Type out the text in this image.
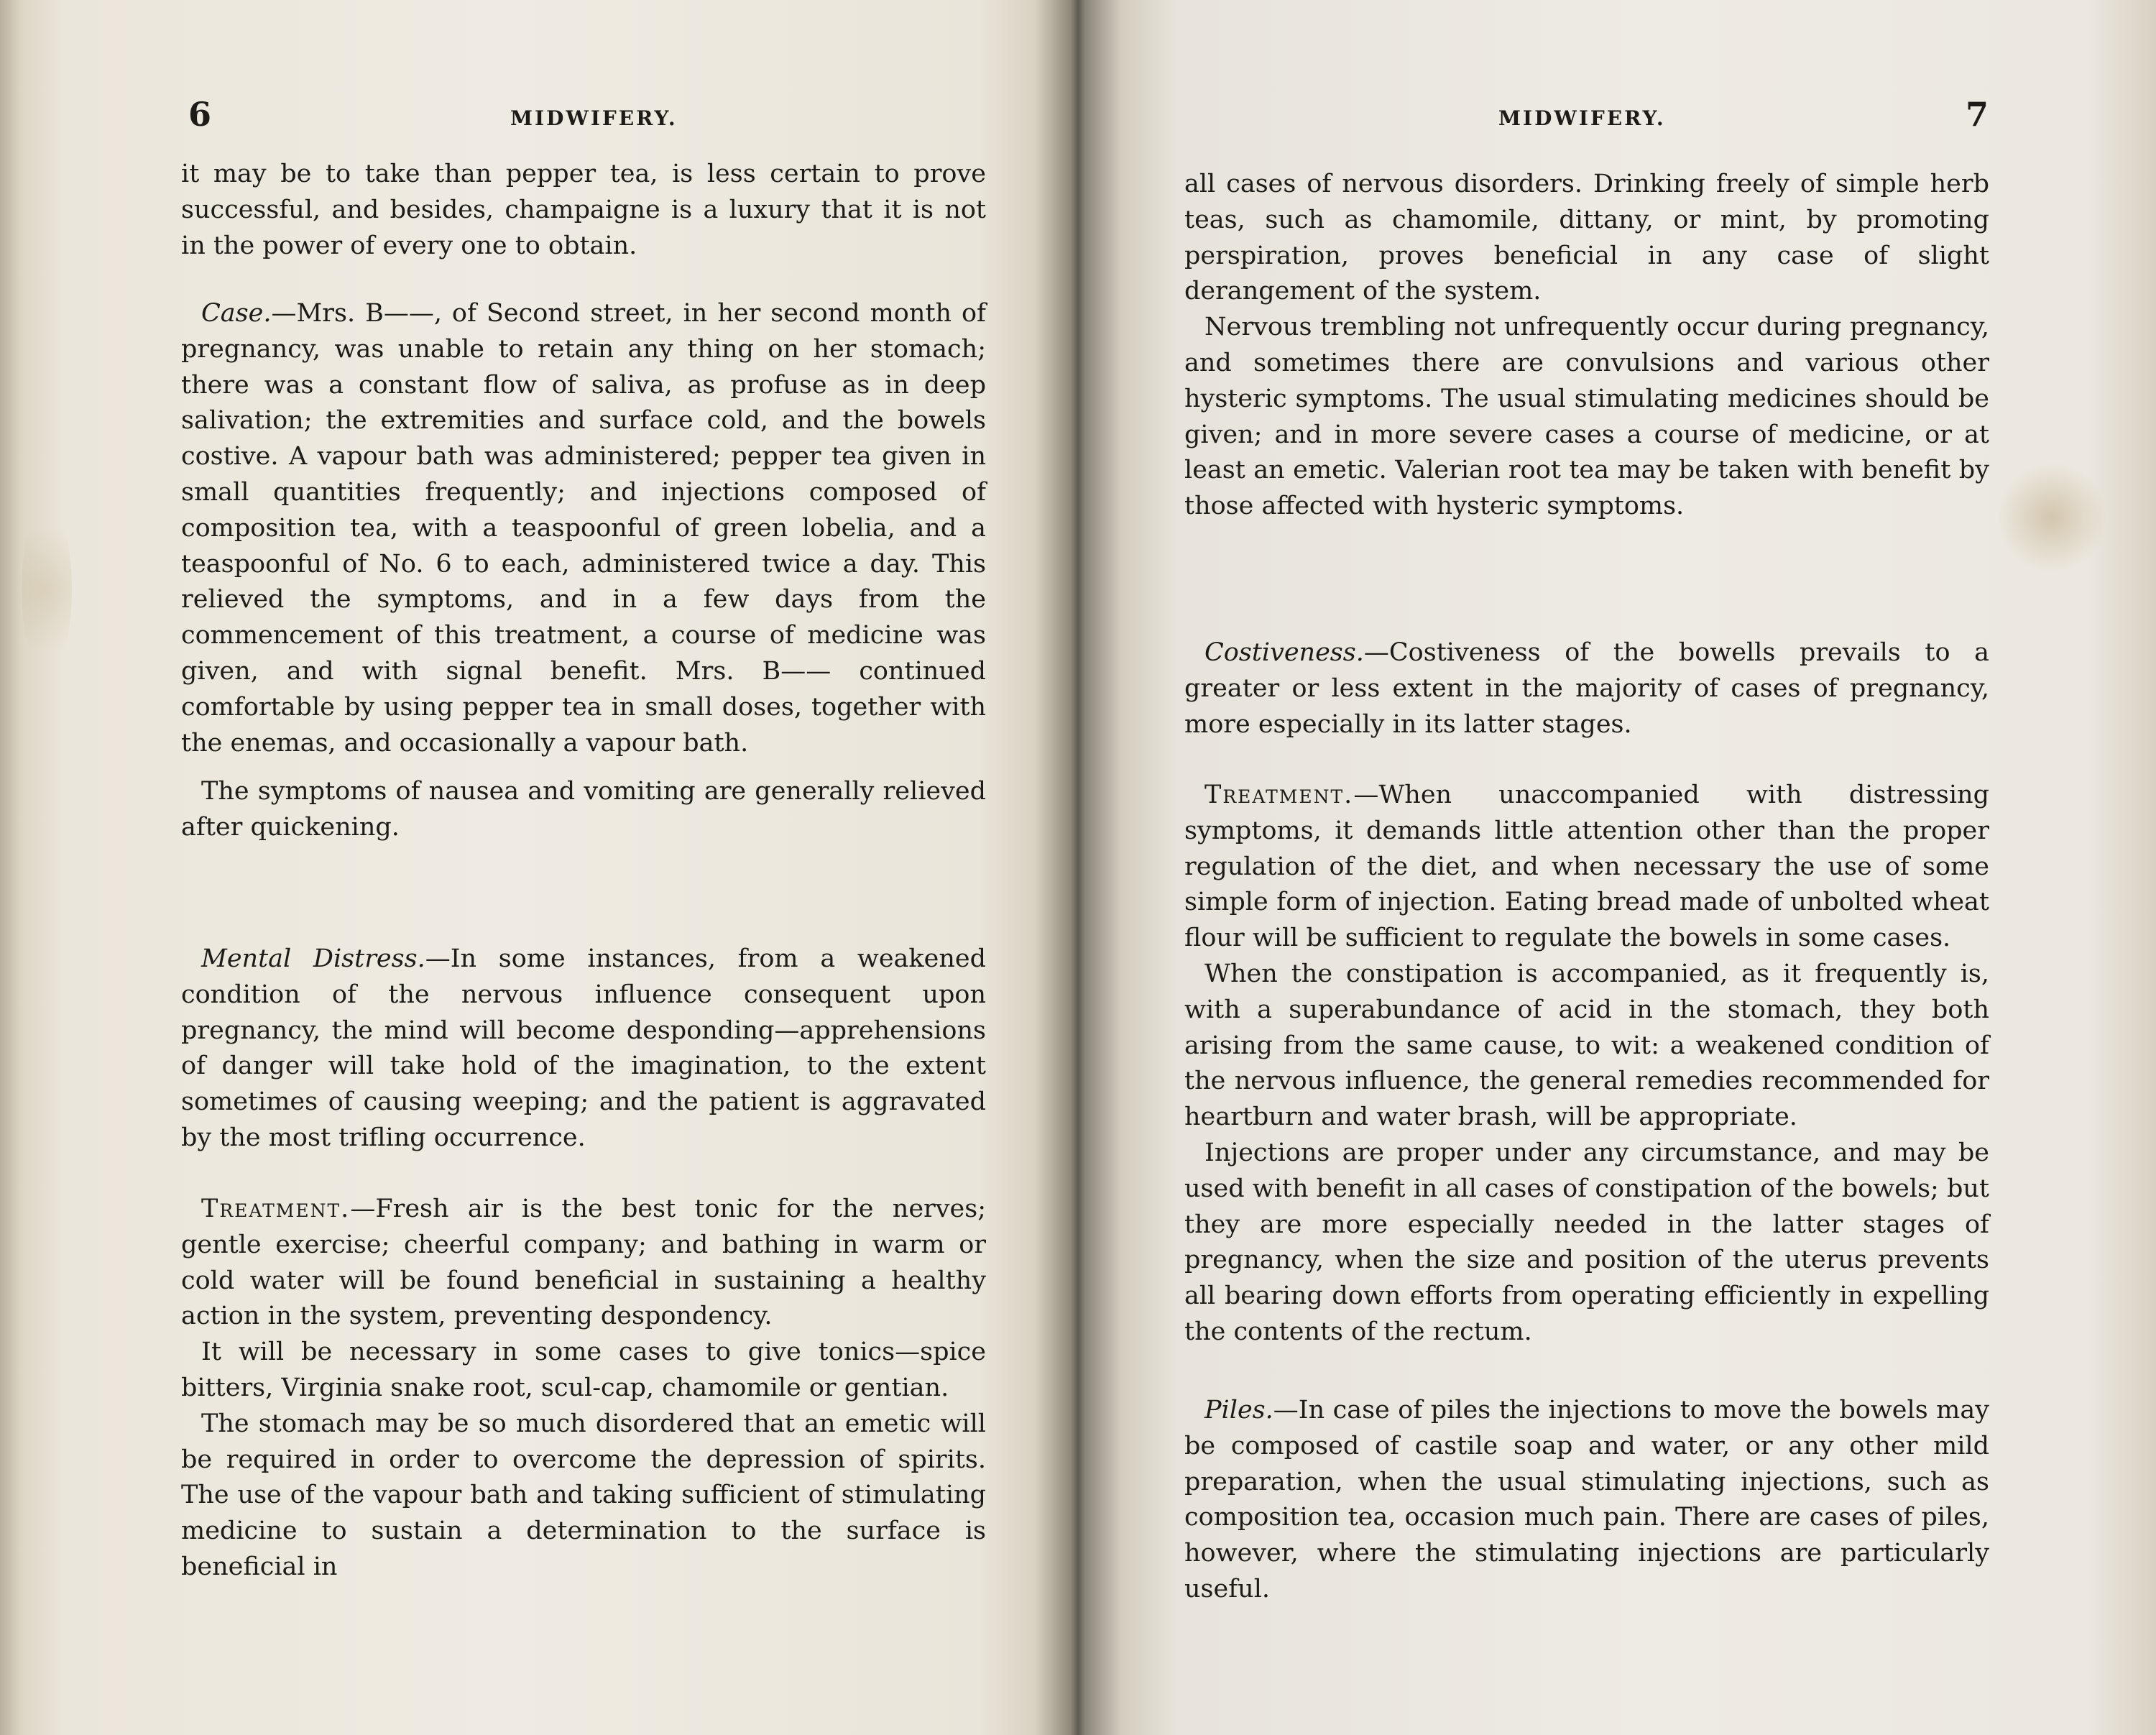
6	MIDWIFERY.

it may be to take than pepper tea, is less certain to prove successful, and besides, champaigne is a luxury that it is not in the power of every one to obtain.

Case.—Mrs. B——, of Second street, in her second month of pregnancy, was unable to retain any thing on her stomach; there was a constant flow of saliva, as profuse as in deep salivation; the extremities and surface cold, and the bowels costive. A vapour bath was administered; pepper tea given in small quantities frequently; and injections composed of composition tea, with a teaspoonful of green lobelia, and a teaspoonful of No. 6 to each, administered twice a day. This relieved the symptoms, and in a few days from the commencement of this treatment, a course of medicine was given, and with signal benefit. Mrs. B—— continued comfortable by using pepper tea in small doses, together with the enemas, and occasionally a vapour bath.

The symptoms of nausea and vomiting are generally relieved after quickening.

Mental Distress.—In some instances, from a weakened condition of the nervous influence consequent upon pregnancy, the mind will become desponding—apprehensions of danger will take hold of the imagination, to the extent sometimes of causing weeping; and the patient is aggravated by the most trifling occurrence.

Treatment.—Fresh air is the best tonic for the nerves; gentle exercise; cheerful company; and bathing in warm or cold water will be found beneficial in sustaining a healthy action in the system, preventing despondency.

It will be necessary in some cases to give tonics—spice bitters, Virginia snake root, scul-cap, chamomile or gentian.

The stomach may be so much disordered that an emetic will be required in order to overcome the depression of spirits. The use of the vapour bath and taking sufficient of stimulating medicine to sustain a determination to the surface is beneficial in

7
MIDWIFERY.

all cases of nervous disorders. Drinking freely of simple herb teas, such as chamomile, dittany, or mint, by promoting perspiration, proves beneficial in any case of slight derangement of the system.

Nervous trembling not unfrequently occur during pregnancy, and sometimes there are convulsions and various other hysteric symptoms. The usual stimulating medicines should be given; and in more severe cases a course of medicine, or at least an emetic. Valerian root tea may be taken with benefit by those affected with hysteric symptoms.

Costiveness.—Costiveness of the bowells prevails to a greater or less extent in the majority of cases of pregnancy, more especially in its latter stages.

Treatment.—When unaccompanied with distressing symptoms, it demands little attention other than the proper regulation of the diet, and when necessary the use of some simple form of injection. Eating bread made of unbolted wheat flour will be sufficient to regulate the bowels in some cases.

When the constipation is accompanied, as it frequently is, with a superabundance of acid in the stomach, they both arising from the same cause, to wit: a weakened condition of the nervous influence, the general remedies recommended for heartburn and water brash, will be appropriate.

Injections are proper under any circumstance, and may be used with benefit in all cases of constipation of the bowels; but they are more especially needed in the latter stages of pregnancy, when the size and position of the uterus prevents all bearing down efforts from operating efficiently in expelling the contents of the rectum.

Piles.—In case of piles the injections to move the bowels may be composed of castile soap and water, or any other mild preparation, when the usual stimulating injections, such as composition tea, occasion much pain. There are cases of piles, however, where the stimulating injections are particularly useful.
